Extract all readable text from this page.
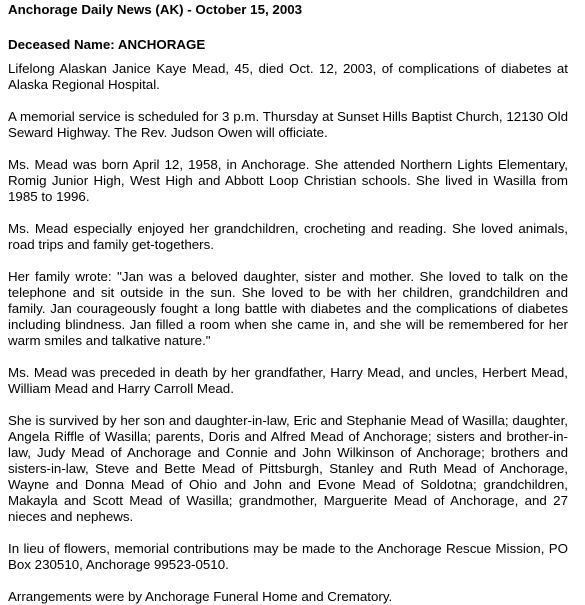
Anchorage Daily News (AK) - October 15, 2003
Deceased Name: ANCHORAGE

Lifelong Alaskan Janice Kaye Mead, 45, died Oct. 12, 2003, of complications of diabetes at Alaska Regional Hospital.

A memorial service is scheduled for 3 p.m. Thursday at Sunset Hills Baptist Church, 12130 Old Seward Highway. The Rev. Judson Owen will officiate.

Ms. Mead was born April 12, 1958, in Anchorage. She attended Northern Lights Elementary, Romig Junior High, West High and Abbott Loop Christian schools. She lived in Wasilla from 1985 to 1996.

Ms. Mead especially enjoyed her grandchildren, crocheting and reading. She loved animals, road trips and family get-togethers.

Her family wrote: "Jan was a beloved daughter, sister and mother. She loved to talk on the telephone and sit outside in the sun. She loved to be with her children, grandchildren and family. Jan courageously fought a long battle with diabetes and the complications of diabetes including blindness. Jan filled a room when she came in, and she will be remembered for her warm smiles and talkative nature."

Ms. Mead was preceded in death by her grandfather, Harry Mead, and uncles, Herbert Mead, William Mead and Harry Carroll Mead.

She is survived by her son and daughter-in-law, Eric and Stephanie Mead of Wasilla; daughter, Angela Riffle of Wasilla; parents, Doris and Alfred Mead of Anchorage; sisters and brother-in-law, Judy Mead of Anchorage and Connie and John Wilkinson of Anchorage; brothers and sisters-in-law, Steve and Bette Mead of Pittsburgh, Stanley and Ruth Mead of Anchorage, Wayne and Donna Mead of Ohio and John and Evone Mead of Soldotna; grandchildren, Makayla and Scott Mead of Wasilla; grandmother, Marguerite Mead of Anchorage, and 27 nieces and nephews.

In lieu of flowers, memorial contributions may be made to the Anchorage Rescue Mission, PO Box 230510, Anchorage 99523-0510.

Arrangements were by Anchorage Funeral Home and Crematory.
